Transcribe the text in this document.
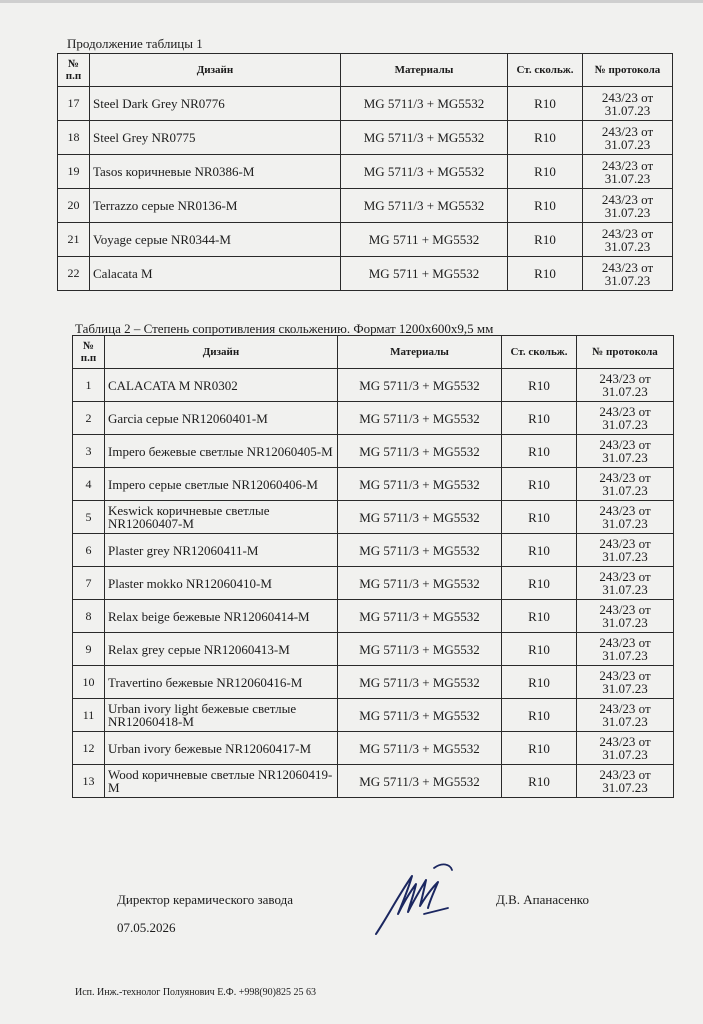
Продолжение таблицы 1
№ п.п	Дизайн	Материалы	Ст. скольж.	№ протокола
17	Steel Dark Grey NR0776	MG 5711/3 + MG5532	R10	243/23 от 31.07.23
18	Steel Grey NR0775	MG 5711/3 + MG5532	R10	243/23 от 31.07.23
19	Tasos коричневые NR0386-M	MG 5711/3 + MG5532	R10	243/23 от 31.07.23
20	Terrazzo серые NR0136-M	MG 5711/3 + MG5532	R10	243/23 от 31.07.23
21	Voyage серые NR0344-M	MG 5711 + MG5532	R10	243/23 от 31.07.23
22	Calacata M	MG 5711 + MG5532	R10	243/23 от 31.07.23
Таблица 2 – Степень сопротивления скольжению. Формат 1200х600х9,5 мм
№ п.п	Дизайн	Материалы	Ст. скольж.	№ протокола
1	CALACATA M NR0302	MG 5711/3 + MG5532	R10	243/23 от 31.07.23
2	Garcia серые NR12060401-M	MG 5711/3 + MG5532	R10	243/23 от 31.07.23
3	Impero бежевые светлые NR12060405-M	MG 5711/3 + MG5532	R10	243/23 от 31.07.23
4	Impero серые светлые NR12060406-M	MG 5711/3 + MG5532	R10	243/23 от 31.07.23
5	Keswick коричневые светлые NR12060407-M	MG 5711/3 + MG5532	R10	243/23 от 31.07.23
6	Plaster grey NR12060411-M	MG 5711/3 + MG5532	R10	243/23 от 31.07.23
7	Plaster mokko NR12060410-M	MG 5711/3 + MG5532	R10	243/23 от 31.07.23
8	Relax beige бежевые NR12060414-M	MG 5711/3 + MG5532	R10	243/23 от 31.07.23
9	Relax grey серые NR12060413-M	MG 5711/3 + MG5532	R10	243/23 от 31.07.23
10	Travertino бежевые NR12060416-M	MG 5711/3 + MG5532	R10	243/23 от 31.07.23
11	Urban ivory light бежевые светлые NR12060418-M	MG 5711/3 + MG5532	R10	243/23 от 31.07.23
12	Urban ivory бежевые NR12060417-M	MG 5711/3 + MG5532	R10	243/23 от 31.07.23
13	Wood коричневые светлые NR12060419-M	MG 5711/3 + MG5532	R10	243/23 от 31.07.23
Директор керамического завода
07.05.2026
Д.В. Апанасенко
Исп. Инж.-технолог Полуянович Е.Ф. +998(90)825 25 63
